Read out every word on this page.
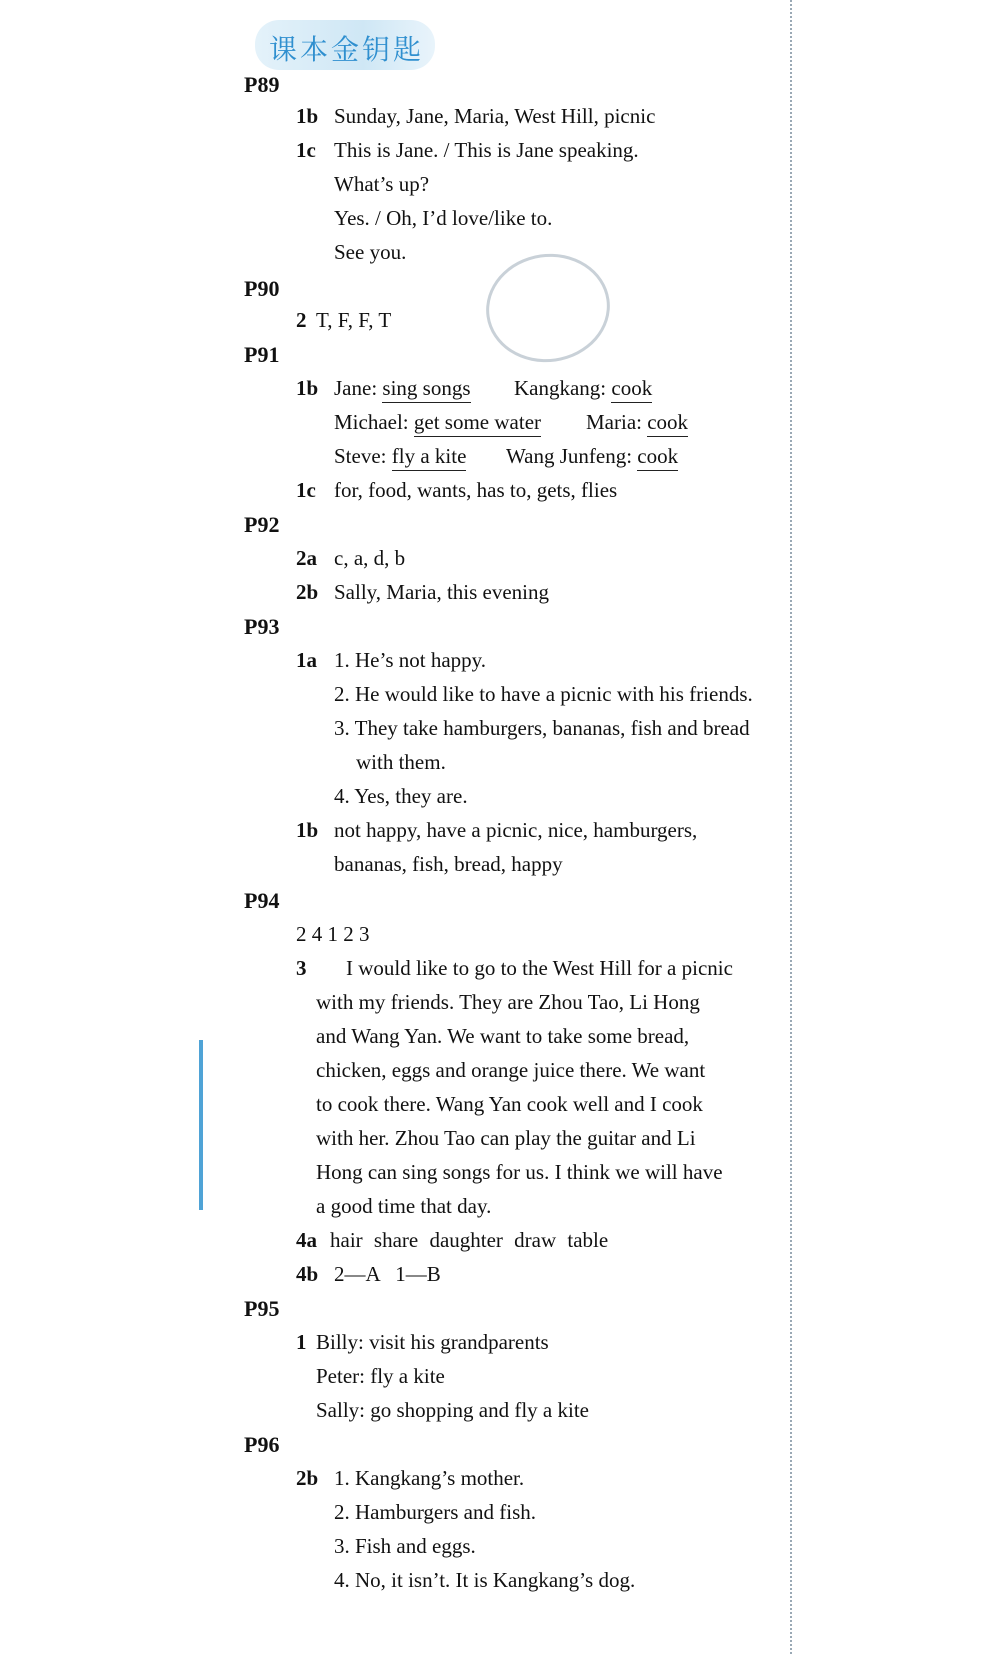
课本金钥匙
P89
1b Sunday, Jane, Maria, West Hill, picnic
1c This is Jane. / This is Jane speaking.
What’s up?
Yes. / Oh, I’d love/like to.
See you.
P90
2 T, F, F, T
P91
1b Jane: sing songs Kangkang: cook
Michael: get some water Maria: cook
Steve: fly a kite Wang Junfeng: cook
1c for, food, wants, has to, gets, flies
P92
2a c, a, d, b
2b Sally, Maria, this evening
P93
1a 1. He’s not happy.
2. He would like to have a picnic with his friends.
3. They take hamburgers, bananas, fish and bread
with them.
4. Yes, they are.
1b not happy, have a picnic, nice, hamburgers,
bananas, fish, bread, happy
P94
2 4 1 2 3
3 I would like to go to the West Hill for a picnic
with my friends. They are Zhou Tao, Li Hong
and Wang Yan. We want to take some bread,
chicken, eggs and orange juice there. We want
to cook there. Wang Yan cook well and I cook
with her. Zhou Tao can play the guitar and Li
Hong can sing songs for us. I think we will have
a good time that day.
4a hair share daughter draw table
4b 2—A   1—B
P95
1 Billy: visit his grandparents
Peter: fly a kite
Sally: go shopping and fly a kite
P96
2b 1. Kangkang’s mother.
2. Hamburgers and fish.
3. Fish and eggs.
4. No, it isn’t. It is Kangkang’s dog.
